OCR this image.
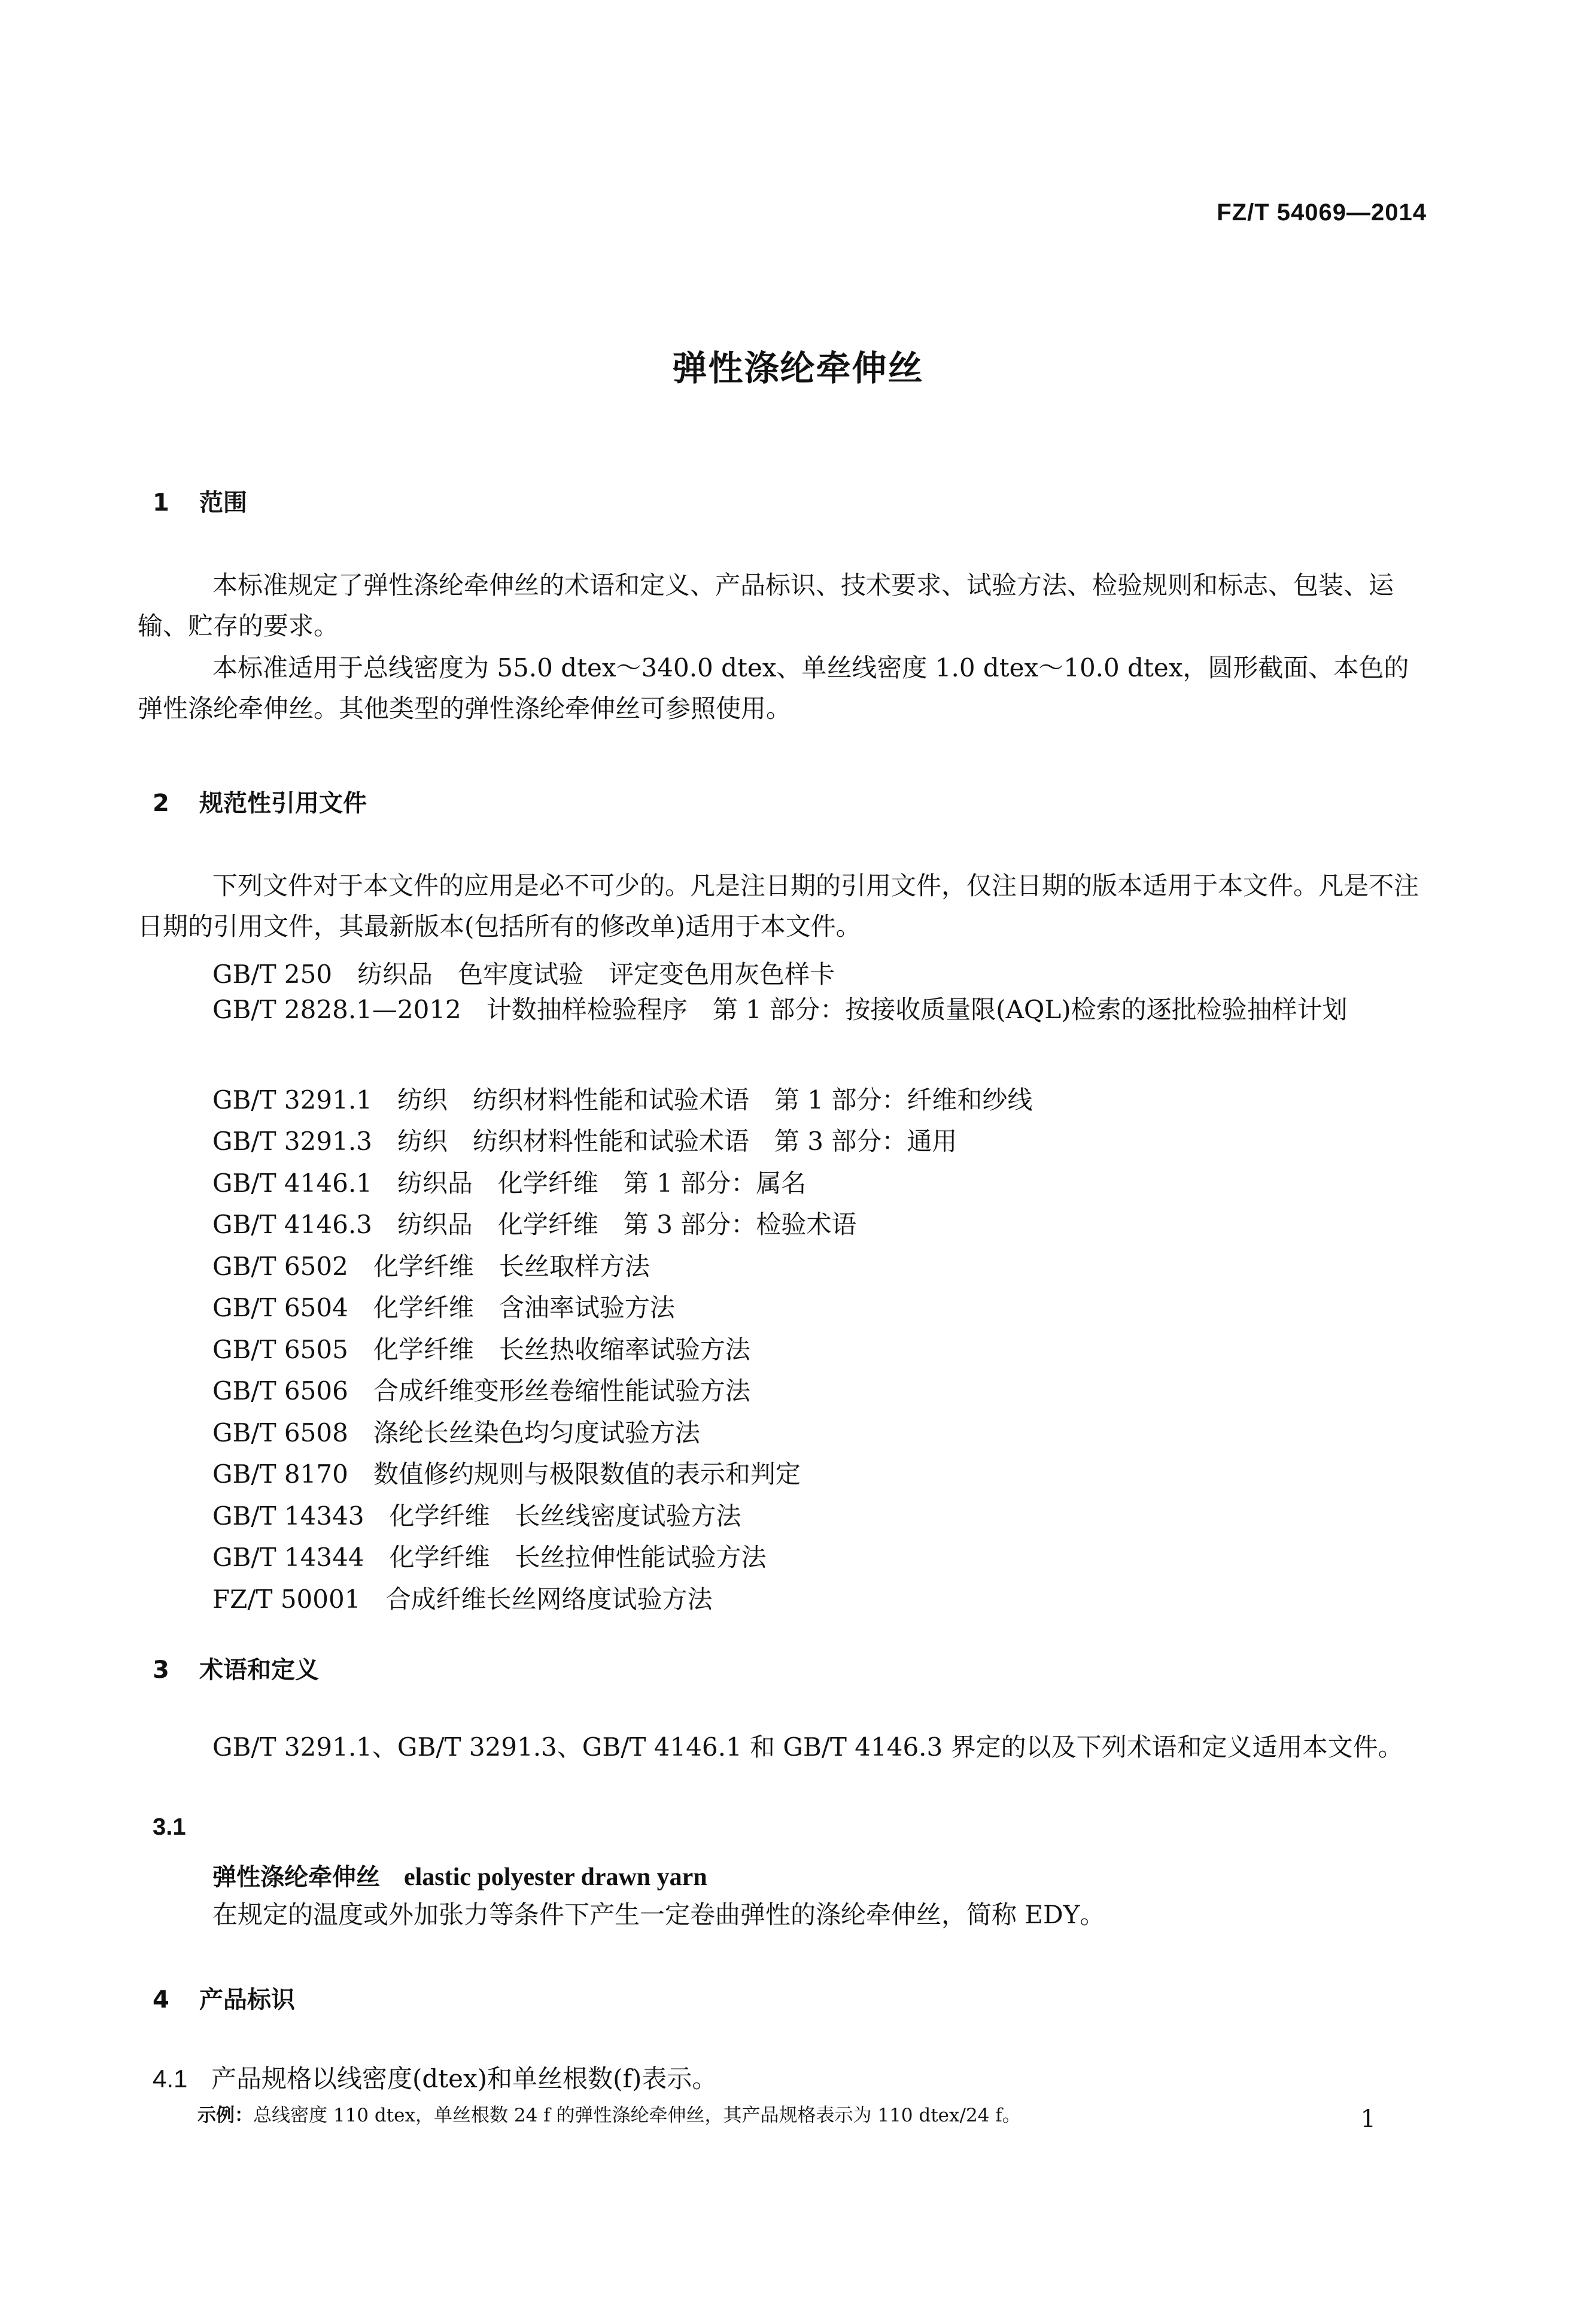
FZ/T 54069—2014
弹性涤纶牵伸丝
1 范围

本标准规定了弹性涤纶牵伸丝的术语和定义、产品标识、技术要求、试验方法、检验规则和标志、包装、运输、贮存的要求。

本标准适用于总线密度为 55.0 dtex～340.0 dtex、单丝线密度 1.0 dtex～10.0 dtex，圆形截面、本色的弹性涤纶牵伸丝。其他类型的弹性涤纶牵伸丝可参照使用。

2 规范性引用文件

下列文件对于本文件的应用是必不可少的。凡是注日期的引用文件，仅注日期的版本适用于本文件。凡是不注日期的引用文件，其最新版本(包括所有的修改单)适用于本文件。

GB/T 250 纺织品　色牢度试验　评定变色用灰色样卡

GB/T 2828.1—2012 计数抽样检验程序　第 1 部分：按接收质量限(AQL)检索的逐批检验抽样计划

GB/T 3291.1 纺织　纺织材料性能和试验术语　第 1 部分：纤维和纱线
GB/T 3291.3 纺织　纺织材料性能和试验术语　第 3 部分：通用
GB/T 4146.1 纺织品　化学纤维　第 1 部分：属名
GB/T 4146.3 纺织品　化学纤维　第 3 部分：检验术语
GB/T 6502 化学纤维　长丝取样方法
GB/T 6504 化学纤维　含油率试验方法
GB/T 6505 化学纤维　长丝热收缩率试验方法
GB/T 6506 合成纤维变形丝卷缩性能试验方法
GB/T 6508 涤纶长丝染色均匀度试验方法
GB/T 8170 数值修约规则与极限数值的表示和判定
GB/T 14343 化学纤维　长丝线密度试验方法
GB/T 14344 化学纤维　长丝拉伸性能试验方法
FZ/T 50001 合成纤维长丝网络度试验方法
3 术语和定义

GB/T 3291.1、GB/T 3291.3、GB/T 4146.1 和 GB/T 4146.3 界定的以及下列术语和定义适用本文件。

3.1
弹性涤纶牵伸丝 elastic polyester drawn yarn
在规定的温度或外加张力等条件下产生一定卷曲弹性的涤纶牵伸丝，简称 EDY。
4 产品标识
4.1 产品规格以线密度(dtex)和单丝根数(f)表示。
示例：总线密度 110 dtex，单丝根数 24 f 的弹性涤纶牵伸丝，其产品规格表示为 110 dtex/24 f。	1
